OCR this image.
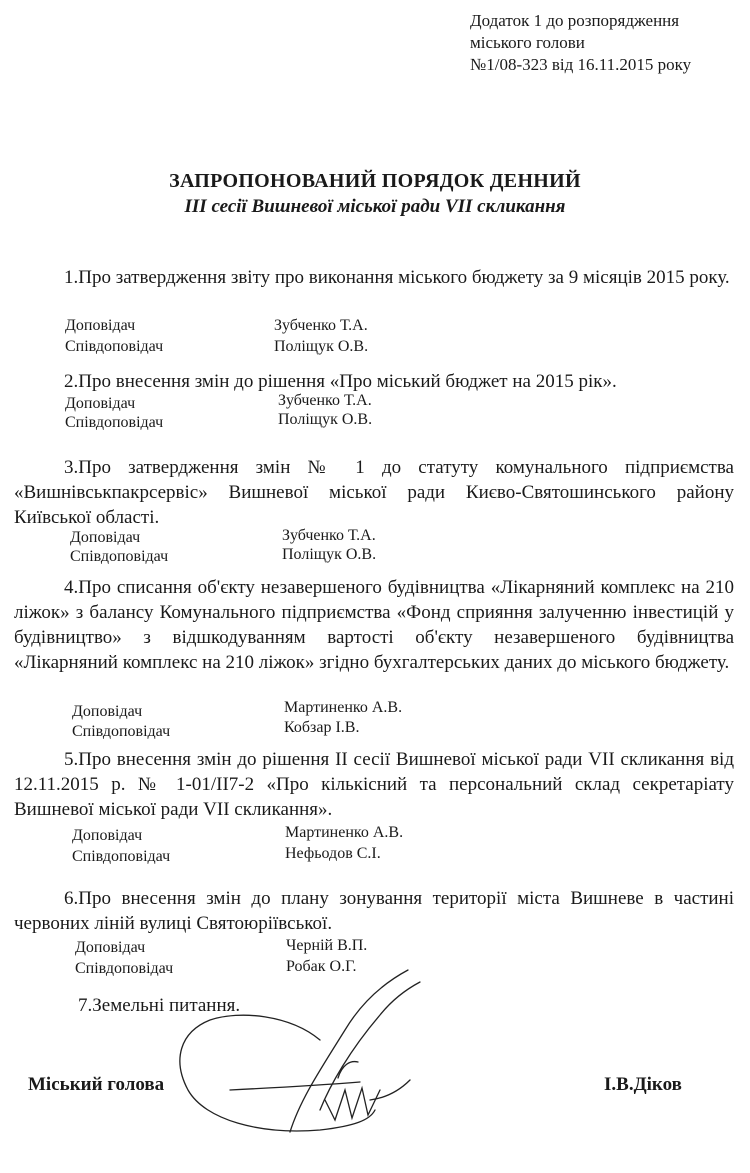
Додаток 1 до розпорядження
міського голови
№1/08-323 від 16.11.2015 року
ЗАПРОПОНОВАНИЙ ПОРЯДОК ДЕННИЙ
ІІІ сесії Вишневої міської ради VІІ скликання
1.Про затвердження звіту про виконання міського бюджету за 9 місяців 2015 року.
Доповідач	Зубченко Т.А.
Співдоповідач	Поліщук О.В.
2.Про внесення змін до рішення «Про міський бюджет на 2015 рік».
Доповідач	Зубченко Т.А.
Співдоповідач	Поліщук О.В.
3.Про затвердження змін № 1 до статуту комунального підприємства «Вишнівськпакрсервіс» Вишневої міської ради Києво-Святошинського району Київської області.
Доповідач	Зубченко Т.А.
Співдоповідач	Поліщук О.В.
4.Про списання об'єкту незавершеного будівництва «Лікарняний комплекс на 210 ліжок» з балансу Комунального підприємства «Фонд сприяння залученню інвестицій у будівництво» з відшкодуванням вартості об'єкту незавершеного будівництва «Лікарняний комплекс на 210 ліжок» згідно бухгалтерських даних до міського бюджету.
Доповідач	Мартиненко А.В.
Співдоповідач	Кобзар І.В.
5.Про внесення змін до рішення ІІ сесії Вишневої міської ради VІІ скликання від 12.11.2015 р. № 1-01/ІІ7-2 «Про кількісний та персональний склад секретаріату Вишневої міської ради VІІ скликання».
Доповідач	Мартиненко А.В.
Співдоповідач	Нефьодов С.І.
6.Про внесення змін до плану зонування території міста Вишневе в частині червоних ліній вулиці Святоюріївської.
Доповідач	Черній В.П.
Співдоповідач	Робак О.Г.
7.Земельні питання.
Міський голова	І.В.Діков
